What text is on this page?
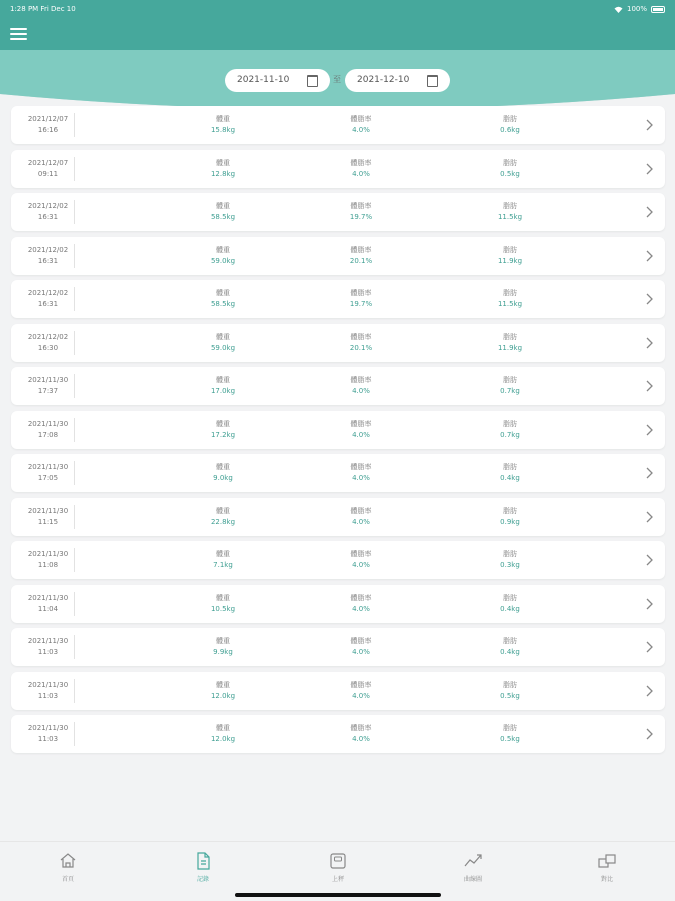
1:28 PM Fri Dec 10	100%
2021-11-10	至	2021-12-10
2021/12/07
16:16
體重
15.8kg
體脂率
4.0%
脂肪
0.6kg
2021/12/07
09:11
體重
12.8kg
體脂率
4.0%
脂肪
0.5kg
2021/12/02
16:31
體重
58.5kg
體脂率
19.7%
脂肪
11.5kg
2021/12/02
16:31
體重
59.0kg
體脂率
20.1%
脂肪
11.9kg
2021/12/02
16:31
體重
58.5kg
體脂率
19.7%
脂肪
11.5kg
2021/12/02
16:30
體重
59.0kg
體脂率
20.1%
脂肪
11.9kg
2021/11/30
17:37
體重
17.0kg
體脂率
4.0%
脂肪
0.7kg
2021/11/30
17:08
體重
17.2kg
體脂率
4.0%
脂肪
0.7kg
2021/11/30
17:05
體重
9.0kg
體脂率
4.0%
脂肪
0.4kg
2021/11/30
11:15
體重
22.8kg
體脂率
4.0%
脂肪
0.9kg
2021/11/30
11:08
體重
7.1kg
體脂率
4.0%
脂肪
0.3kg
2021/11/30
11:04
體重
10.5kg
體脂率
4.0%
脂肪
0.4kg
2021/11/30
11:03
體重
9.9kg
體脂率
4.0%
脂肪
0.4kg
2021/11/30
11:03
體重
12.0kg
體脂率
4.0%
脂肪
0.5kg
2021/11/30
11:03
體重
12.0kg
體脂率
4.0%
脂肪
0.5kg
首頁	記錄	上秤	曲線圖	對比
